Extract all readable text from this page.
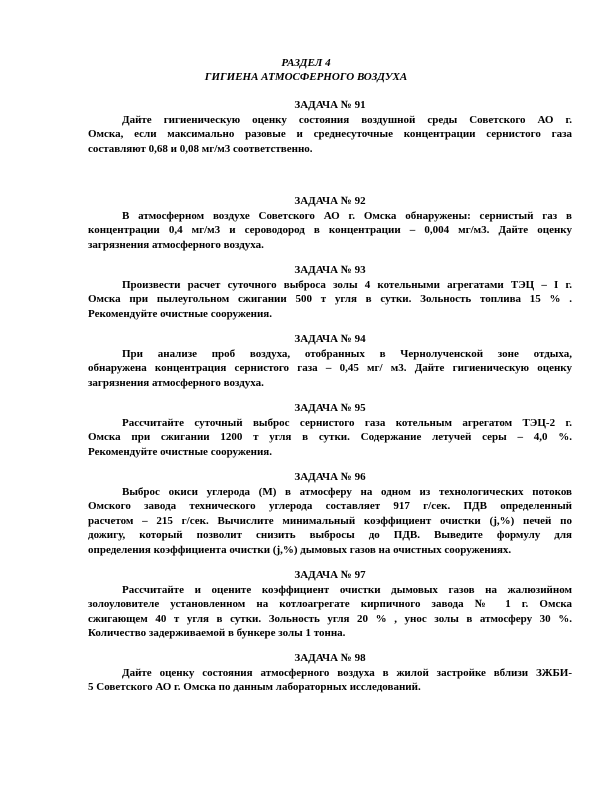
РАЗДЕЛ 4
ГИГИЕНА АТМОСФЕРНОГО ВОЗДУХА
ЗАДАЧА № 91
Дайте гигиеническую оценку состояния воздушной среды Советского АО г.
Омска, если максимально разовые и среднесуточные концентрации сернистого газа
составляют 0,68 и 0,08 мг/м3 соответственно.
ЗАДАЧА № 92
В атмосферном воздухе Советского АО г. Омска обнаружены: сернистый газ в
концентрации 0,4 мг/м3 и сероводород в концентрации – 0,004 мг/м3. Дайте оценку
загрязнения атмосферного воздуха.
ЗАДАЧА № 93
Произвести расчет суточного выброса золы 4 котельными агрегатами ТЭЦ – I г.
Омска при пылеугольном сжигании 500 т угля в сутки. Зольность топлива 15 % .
Рекомендуйте очистные сооружения.
ЗАДАЧА № 94
При анализе проб воздуха, отобранных в Чернолученской зоне отдыха,
обнаружена концентрация сернистого газа – 0,45 мг/ м3. Дайте гигиеническую оценку
загрязнения атмосферного воздуха.
ЗАДАЧА № 95
Рассчитайте суточный выброс сернистого газа котельным агрегатом ТЭЦ-2 г.
Омска при сжигании 1200 т угля в сутки. Содержание летучей серы – 4,0 %.
Рекомендуйте очистные сооружения.
ЗАДАЧА № 96
Выброс окиси углерода (М) в атмосферу на одном из технологических потоков
Омского завода технического углерода составляет 917 г/сек. ПДВ определенный
расчетом – 215 г/сек. Вычислите минимальный коэффициент очистки (j,%) печей по
дожигу, который позволит снизить выбросы до ПДВ. Выведите формулу для
определения коэффициента очистки (j,%) дымовых газов на очистных сооружениях.
ЗАДАЧА № 97
Рассчитайте и оцените коэффициент очистки дымовых газов на жалюзийном
золоуловителе установленном на котлоагрегате кирпичного завода № 1 г. Омска
сжигающем 40 т угля в сутки. Зольность угля 20 % , унос золы в атмосферу 30 %.
Количество задерживаемой в бункере золы 1 тонна.
ЗАДАЧА № 98
Дайте оценку состояния атмосферного воздуха в жилой застройке вблизи ЗЖБИ-
5 Советского АО г. Омска по данным лабораторных исследований.
